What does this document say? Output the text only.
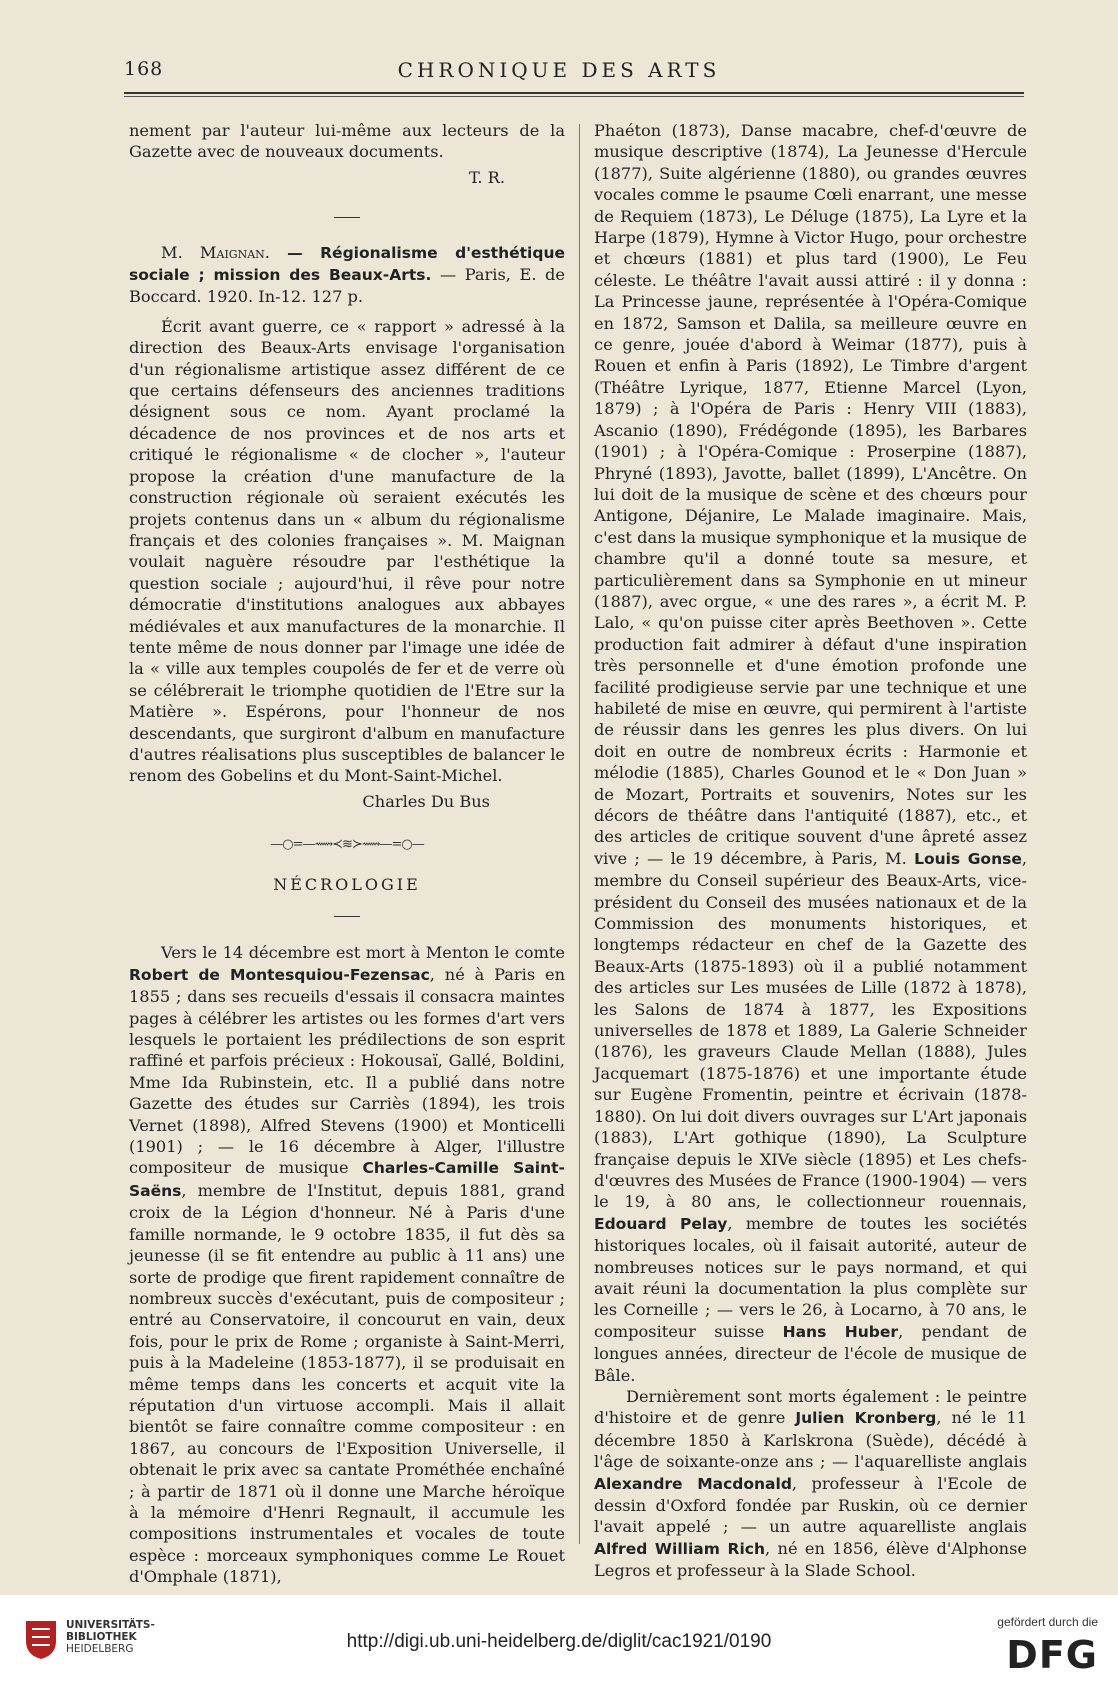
168	CHRONIQUE DES ARTS

nement par l'auteur lui-même aux lecteurs de la Gazette avec de nouveaux documents.

T. R.

M. Maignan. — Régionalisme d'esthétique sociale ; mission des Beaux-Arts. — Paris, E. de Boccard. 1920. In-12. 127 p.

Écrit avant guerre, ce « rapport » adressé à la direction des Beaux-Arts envisage l'organisation d'un régionalisme artistique assez différent de ce que certains défenseurs des anciennes traditions désignent sous ce nom. Ayant proclamé la décadence de nos provinces et de nos arts et critiqué le régionalisme « de clocher », l'auteur propose la création d'une manufacture de la construction régionale où seraient exécutés les projets contenus dans un « album du régionalisme français et des colonies françaises ». M. Maignan voulait naguère résoudre par l'esthétique la question sociale ; aujourd'hui, il rêve pour notre démocratie d'institutions analogues aux abbayes médiévales et aux manufactures de la monarchie. Il tente même de nous donner par l'image une idée de la « ville aux temples coupolés de fer et de verre où se célébrerait le triomphe quotidien de l'Etre sur la Matière ». Espérons, pour l'honneur de nos descendants, que surgiront d'album en manufacture d'autres réalisations plus susceptibles de balancer le renom des Gobelins et du Mont-Saint-Michel.

Charles Du Bus

—○=—⟿≺≋≻⟿—=○—

NÉCROLOGIE

Vers le 14 décembre est mort à Menton le comte Robert de Montesquiou-Fezensac, né à Paris en 1855 ; dans ses recueils d'essais il consacra maintes pages à célébrer les artistes ou les formes d'art vers lesquels le portaient les prédilections de son esprit raffiné et parfois précieux : Hokousaï, Gallé, Boldini, Mme Ida Rubinstein, etc. Il a publié dans notre Gazette des études sur Carriès (1894), les trois Vernet (1898), Alfred Stevens (1900) et Monticelli (1901) ; — le 16 décembre à Alger, l'illustre compositeur de musique Charles-Camille Saint-Saëns, membre de l'Institut, depuis 1881, grand croix de la Légion d'honneur. Né à Paris d'une famille normande, le 9 octobre 1835, il fut dès sa jeunesse (il se fit entendre au public à 11 ans) une sorte de prodige que firent rapidement connaître de nombreux succès d'exécutant, puis de compositeur ; entré au Conservatoire, il concourut en vain, deux fois, pour le prix de Rome ; organiste à Saint-Merri, puis à la Madeleine (1853-1877), il se produisait en même temps dans les concerts et acquit vite la réputation d'un virtuose accompli. Mais il allait bientôt se faire connaître comme compositeur : en 1867, au concours de l'Exposition Universelle, il obtenait le prix avec sa cantate Prométhée enchaîné ; à partir de 1871 où il donne une Marche héroïque à la mémoire d'Henri Regnault, il accumule les compositions instrumentales et vocales de toute espèce : morceaux symphoniques comme Le Rouet d'Omphale (1871),

Phaéton (1873), Danse macabre, chef-d'œuvre de musique descriptive (1874), La Jeunesse d'Hercule (1877), Suite algérienne (1880), ou grandes œuvres vocales comme le psaume Cœli enarrant, une messe de Requiem (1873), Le Déluge (1875), La Lyre et la Harpe (1879), Hymne à Victor Hugo, pour orchestre et chœurs (1881) et plus tard (1900), Le Feu céleste. Le théâtre l'avait aussi attiré : il y donna : La Princesse jaune, représentée à l'Opéra-Comique en 1872, Samson et Dalila, sa meilleure œuvre en ce genre, jouée d'abord à Weimar (1877), puis à Rouen et enfin à Paris (1892), Le Timbre d'argent (Théâtre Lyrique, 1877, Etienne Marcel (Lyon, 1879) ; à l'Opéra de Paris : Henry VIII (1883), Ascanio (1890), Frédégonde (1895), les Barbares (1901) ; à l'Opéra-Comique : Proserpine (1887), Phryné (1893), Javotte, ballet (1899), L'Ancêtre. On lui doit de la musique de scène et des chœurs pour Antigone, Déjanire, Le Malade imaginaire. Mais, c'est dans la musique symphonique et la musique de chambre qu'il a donné toute sa mesure, et particulièrement dans sa Symphonie en ut mineur (1887), avec orgue, « une des rares », a écrit M. P. Lalo, « qu'on puisse citer après Beethoven ». Cette production fait admirer à défaut d'une inspiration très personnelle et d'une émotion profonde une facilité prodigieuse servie par une technique et une habileté de mise en œuvre, qui permirent à l'artiste de réussir dans les genres les plus divers. On lui doit en outre de nombreux écrits : Harmonie et mélodie (1885), Charles Gounod et le « Don Juan » de Mozart, Portraits et souvenirs, Notes sur les décors de théâtre dans l'antiquité (1887), etc., et des articles de critique souvent d'une âpreté assez vive ; — le 19 décembre, à Paris, M. Louis Gonse, membre du Conseil supérieur des Beaux-Arts, vice-président du Conseil des musées nationaux et de la Commission des monuments historiques, et longtemps rédacteur en chef de la Gazette des Beaux-Arts (1875-1893) où il a publié notamment des articles sur Les musées de Lille (1872 à 1878), les Salons de 1874 à 1877, les Expositions universelles de 1878 et 1889, La Galerie Schneider (1876), les graveurs Claude Mellan (1888), Jules Jacquemart (1875-1876) et une importante étude sur Eugène Fromentin, peintre et écrivain (1878-1880). On lui doit divers ouvrages sur L'Art japonais (1883), L'Art gothique (1890), La Sculpture française depuis le XIVe siècle (1895) et Les chefs-d'œuvres des Musées de France (1900-1904) — vers le 19, à 80 ans, le collectionneur rouennais, Edouard Pelay, membre de toutes les sociétés historiques locales, où il faisait autorité, auteur de nombreuses notices sur le pays normand, et qui avait réuni la documentation la plus complète sur les Corneille ; — vers le 26, à Locarno, à 70 ans, le compositeur suisse Hans Huber, pendant de longues années, directeur de l'école de musique de Bâle.

Dernièrement sont morts également : le peintre d'histoire et de genre Julien Kronberg, né le 11 décembre 1850 à Karlskrona (Suède), décédé à l'âge de soixante-onze ans ; — l'aquarelliste anglais Alexandre Macdonald, professeur à l'Ecole de dessin d'Oxford fondée par Ruskin, où ce dernier l'avait appelé ; — un autre aquarelliste anglais Alfred William Rich, né en 1856, élève d'Alphonse Legros et professeur à la Slade School.

UNIVERSITÄTS-
BIBLIOTHEK
HEIDELBERG	http://digi.ub.uni-heidelberg.de/diglit/cac1921/0190
gefördert durch die
DFG
